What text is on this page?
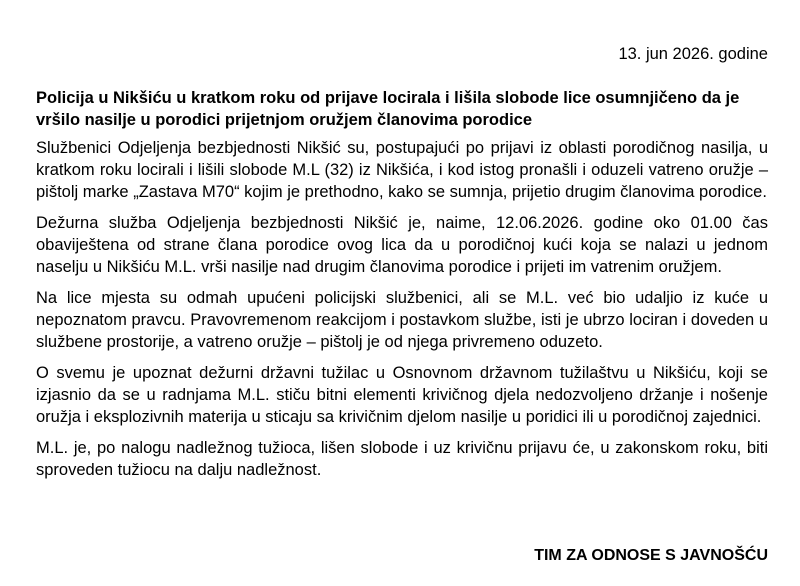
13. jun 2026. godine
Policija u Nikšiću u kratkom roku od prijave locirala i lišila slobode lice osumnjičeno da je vršilo nasilje u porodici prijetnjom oružjem članovima porodice

Službenici Odjeljenja bezbjednosti Nikšić su, postupajući po prijavi iz oblasti porodičnog nasilja, u kratkom roku locirali i lišili slobode M.L (32) iz Nikšića, i kod istog pronašli i oduzeli vatreno oružje – pištolj marke „Zastava M70“ kojim je prethodno, kako se sumnja, prijetio drugim članovima porodice.

Dežurna služba Odjeljenja bezbjednosti Nikšić je, naime, 12.06.2026. godine oko 01.00 čas obaviještena od strane člana porodice ovog lica da u porodičnoj kući koja se nalazi u jednom naselju u Nikšiću M.L. vrši nasilje nad drugim članovima porodice i prijeti im vatrenim oružjem.

Na lice mjesta su odmah upućeni policijski službenici, ali se M.L. već bio udaljio iz kuće u nepoznatom pravcu. Pravovremenom reakcijom i postavkom službe, isti je ubrzo lociran i doveden u službene prostorije, a vatreno oružje – pištolj je od njega privremeno oduzeto.

O svemu je upoznat dežurni državni tužilac u Osnovnom državnom tužilaštvu u Nikšiću, koji se izjasnio da se u radnjama M.L. stiču bitni elementi krivičnog djela nedozvoljeno držanje i nošenje oružja i eksplozivnih materija u sticaju sa krivičnim djelom nasilje u poridici ili u porodičnoj zajednici.

M.L. je, po nalogu nadležnog tužioca, lišen slobode i uz krivičnu prijavu će, u zakonskom roku, biti sproveden tužiocu na dalju nadležnost.

TIM ZA ODNOSE S JAVNOŠĆU
